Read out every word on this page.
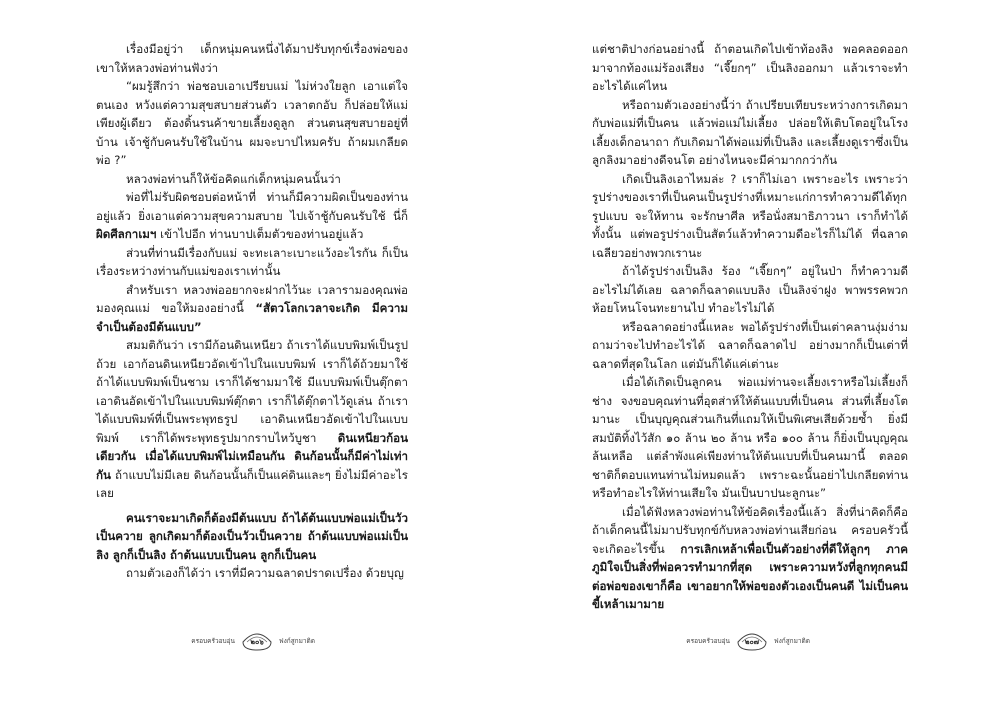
เรื่องมีอยู่ว่า เด็กหนุ่มคนหนึ่งได้มาปรับทุกข์เรื่องพ่อของเขาให้หลวงพ่อท่านฟังว่า

“ผมรู้สึกว่า พ่อชอบเอาเปรียบแม่ ไม่ห่วงใยลูก เอาแต่ใจตนเอง หวังแต่ความสุขสบายส่วนตัว เวลาตกอับ ก็ปล่อยให้แม่เพียงผู้เดียว ต้องดิ้นรนค้าขายเลี้ยงดูลูก ส่วนตนสุขสบายอยู่ที่บ้าน เจ้าชู้กับคนรับใช้ในบ้าน ผมจะบาปไหมครับ ถ้าผมเกลียดพ่อ ?”

หลวงพ่อท่านก็ให้ข้อคิดแก่เด็กหนุ่มคนนั้นว่า

พ่อที่ไม่รับผิดชอบต่อหน้าที่ ท่านก็มีความผิดเป็นของท่านอยู่แล้ว ยิ่งเอาแต่ความสุขความสบาย ไปเจ้าชู้กับคนรับใช้ นี่ก็ผิดศีลกาเมฯ เข้าไปอีก ท่านบาปเต็มตัวของท่านอยู่แล้ว

ส่วนที่ท่านมีเรื่องกับแม่ จะทะเลาะเบาะแว้งอะไรกัน ก็เป็นเรื่องระหว่างท่านกับแม่ของเราเท่านั้น

สำหรับเรา หลวงพ่ออยากจะฝากไว้นะ เวลารามองคุณพ่อ มองคุณแม่ ขอให้มองอย่างนี้ “สัตวโลกเวลาจะเกิด มีความจำเป็นต้องมีต้นแบบ”

สมมติกันว่า เรามีก้อนดินเหนียว ถ้าเราได้แบบพิมพ์เป็นรูปถ้วย เอาก้อนดินเหนียวอัดเข้าไปในแบบพิมพ์ เราก็ได้ถ้วยมาใช้ ถ้าได้แบบพิมพ์เป็นชาม เราก็ได้ชามมาใช้ มีแบบพิมพ์เป็นตุ๊กตา เอาดินอัดเข้าไปในแบบพิมพ์ตุ๊กตา เราก็ได้ตุ๊กตาไว้ดูเล่น ถ้าเราได้แบบพิมพ์ที่เป็นพระพุทธรูป เอาดินเหนียวอัดเข้าไปในแบบพิมพ์ เราก็ได้พระพุทธรูปมากราบไหว้บูชา ดินเหนียวก้อนเดียวกัน เมื่อได้แบบพิมพ์ไม่เหมือนกัน ดินก้อนนั้นก็มีค่าไม่เท่ากัน ถ้าแบบไม่มีเลย ดินก้อนนั้นก็เป็นแค่ดินและๆ ยิ่งไม่มีค่าอะไรเลย

คนเราจะมาเกิดก็ต้องมีต้นแบบ ถ้าได้ต้นแบบพ่อแม่เป็นวัว เป็นควาย ลูกเกิดมาก็ต้องเป็นวัวเป็นควาย ถ้าต้นแบบพ่อแม่เป็นลิง ลูกก็เป็นลิง ถ้าต้นแบบเป็นคน ลูกก็เป็นคน

ถามตัวเองก็ได้ว่า เราที่มีความฉลาดปราดเปรื่อง ด้วยบุญ

ครอบครัวอบอุ่น	๒๐๖	ฟงก์สูกมาติด

แต่ชาติปางก่อนอย่างนี้ ถ้าตอนเกิดไปเข้าท้องลิง พอคลอดออกมาจากท้องแม่ร้องเสียง “เจี๊ยกๆ” เป็นลิงออกมา แล้วเราจะทำอะไรได้แค่ไหน

หรือถามตัวเองอย่างนี้ว่า ถ้าเปรียบเทียบระหว่างการเกิดมากับพ่อแม่ที่เป็นคน แล้วพ่อแม่ไม่เลี้ยง ปล่อยให้เติบโตอยู่ในโรงเลี้ยงเด็กอนาถา กับเกิดมาได้พ่อแม่ที่เป็นลิง และเลี้ยงดูเราซึ่งเป็นลูกลิงมาอย่างดีจนโต อย่างไหนจะมีค่ามากกว่ากัน

เกิดเป็นลิงเอาไหมล่ะ ? เราก็ไม่เอา เพราะอะไร เพราะว่ารูปร่างของเราที่เป็นคนเป็นรูปร่างที่เหมาะแก่การทำความดีได้ทุกรูปแบบ จะให้ทาน จะรักษาศีล หรือนั่งสมาธิภาวนา เราก็ทำได้ทั้งนั้น แต่พอรูปร่างเป็นสัตว์แล้วทำความดีอะไรก็ไม่ได้ ที่ฉลาดเฉลียวอย่างพวกเรานะ

ถ้าได้รูปร่างเป็นลิง ร้อง “เจี๊ยกๆ” อยู่ในป่า ก็ทำความดีอะไรไม่ได้เลย ฉลาดก็ฉลาดแบบลิง เป็นลิงจ่าฝูง พาพรรคพวกห้อยโหนโจนทะยานไป ทำอะไรไม่ได้

หรือฉลาดอย่างนี้แหละ พอได้รูปร่างที่เป็นเต่าคลานงุ่มง่าม ถามว่าจะไปทำอะไรได้ ฉลาดก็ฉลาดไป อย่างมากก็เป็นเต่าที่ฉลาดที่สุดในโลก แต่มันก็ได้แค่เต่านะ

เมื่อได้เกิดเป็นลูกคน พ่อแม่ท่านจะเลี้ยงเราหรือไม่เลี้ยงก็ช่าง จงขอบคุณท่านที่อุตส่าห์ให้ต้นแบบที่เป็นคน ส่วนที่เลี้ยงโตมานะ เป็นบุญคุณส่วนเกินที่แถมให้เป็นพิเศษเสียด้วยซ้ำ ยิ่งมีสมบัติทิ้งไว้สัก ๑๐ ล้าน ๒๐ ล้าน หรือ ๑๐๐ ล้าน ก็ยิ่งเป็นบุญคุณล้นเหลือ แต่ลำพังแค่เพียงท่านให้ต้นแบบที่เป็นคนมานี้ ตลอดชาติก็ตอบแทนท่านไม่หมดแล้ว เพราะฉะนั้นอย่าไปเกลียดท่าน หรือทำอะไรให้ท่านเสียใจ มันเป็นบาปนะลูกนะ”

เมื่อได้ฟังหลวงพ่อท่านให้ข้อคิดเรื่องนี้แล้ว สิ่งที่น่าคิดก็คือ ถ้าเด็กคนนี้ไม่มาปรับทุกข์กับหลวงพ่อท่านเสียก่อน ครอบครัวนี้จะเกิดอะไรขึ้น การเลิกเหล้าเพื่อเป็นตัวอย่างที่ดีให้ลูกๆ ภาคภูมิใจเป็นสิ่งที่พ่อควรทำมากที่สุด เพราะความหวังที่ลูกทุกคนมีต่อพ่อของเขาก็คือ เขาอยากให้พ่อของตัวเองเป็นคนดี ไม่เป็นคนขี้เหล้าเมามาย

ครอบครัวอบอุ่น	๒๐๗	ฟงก์สูกมาติด
